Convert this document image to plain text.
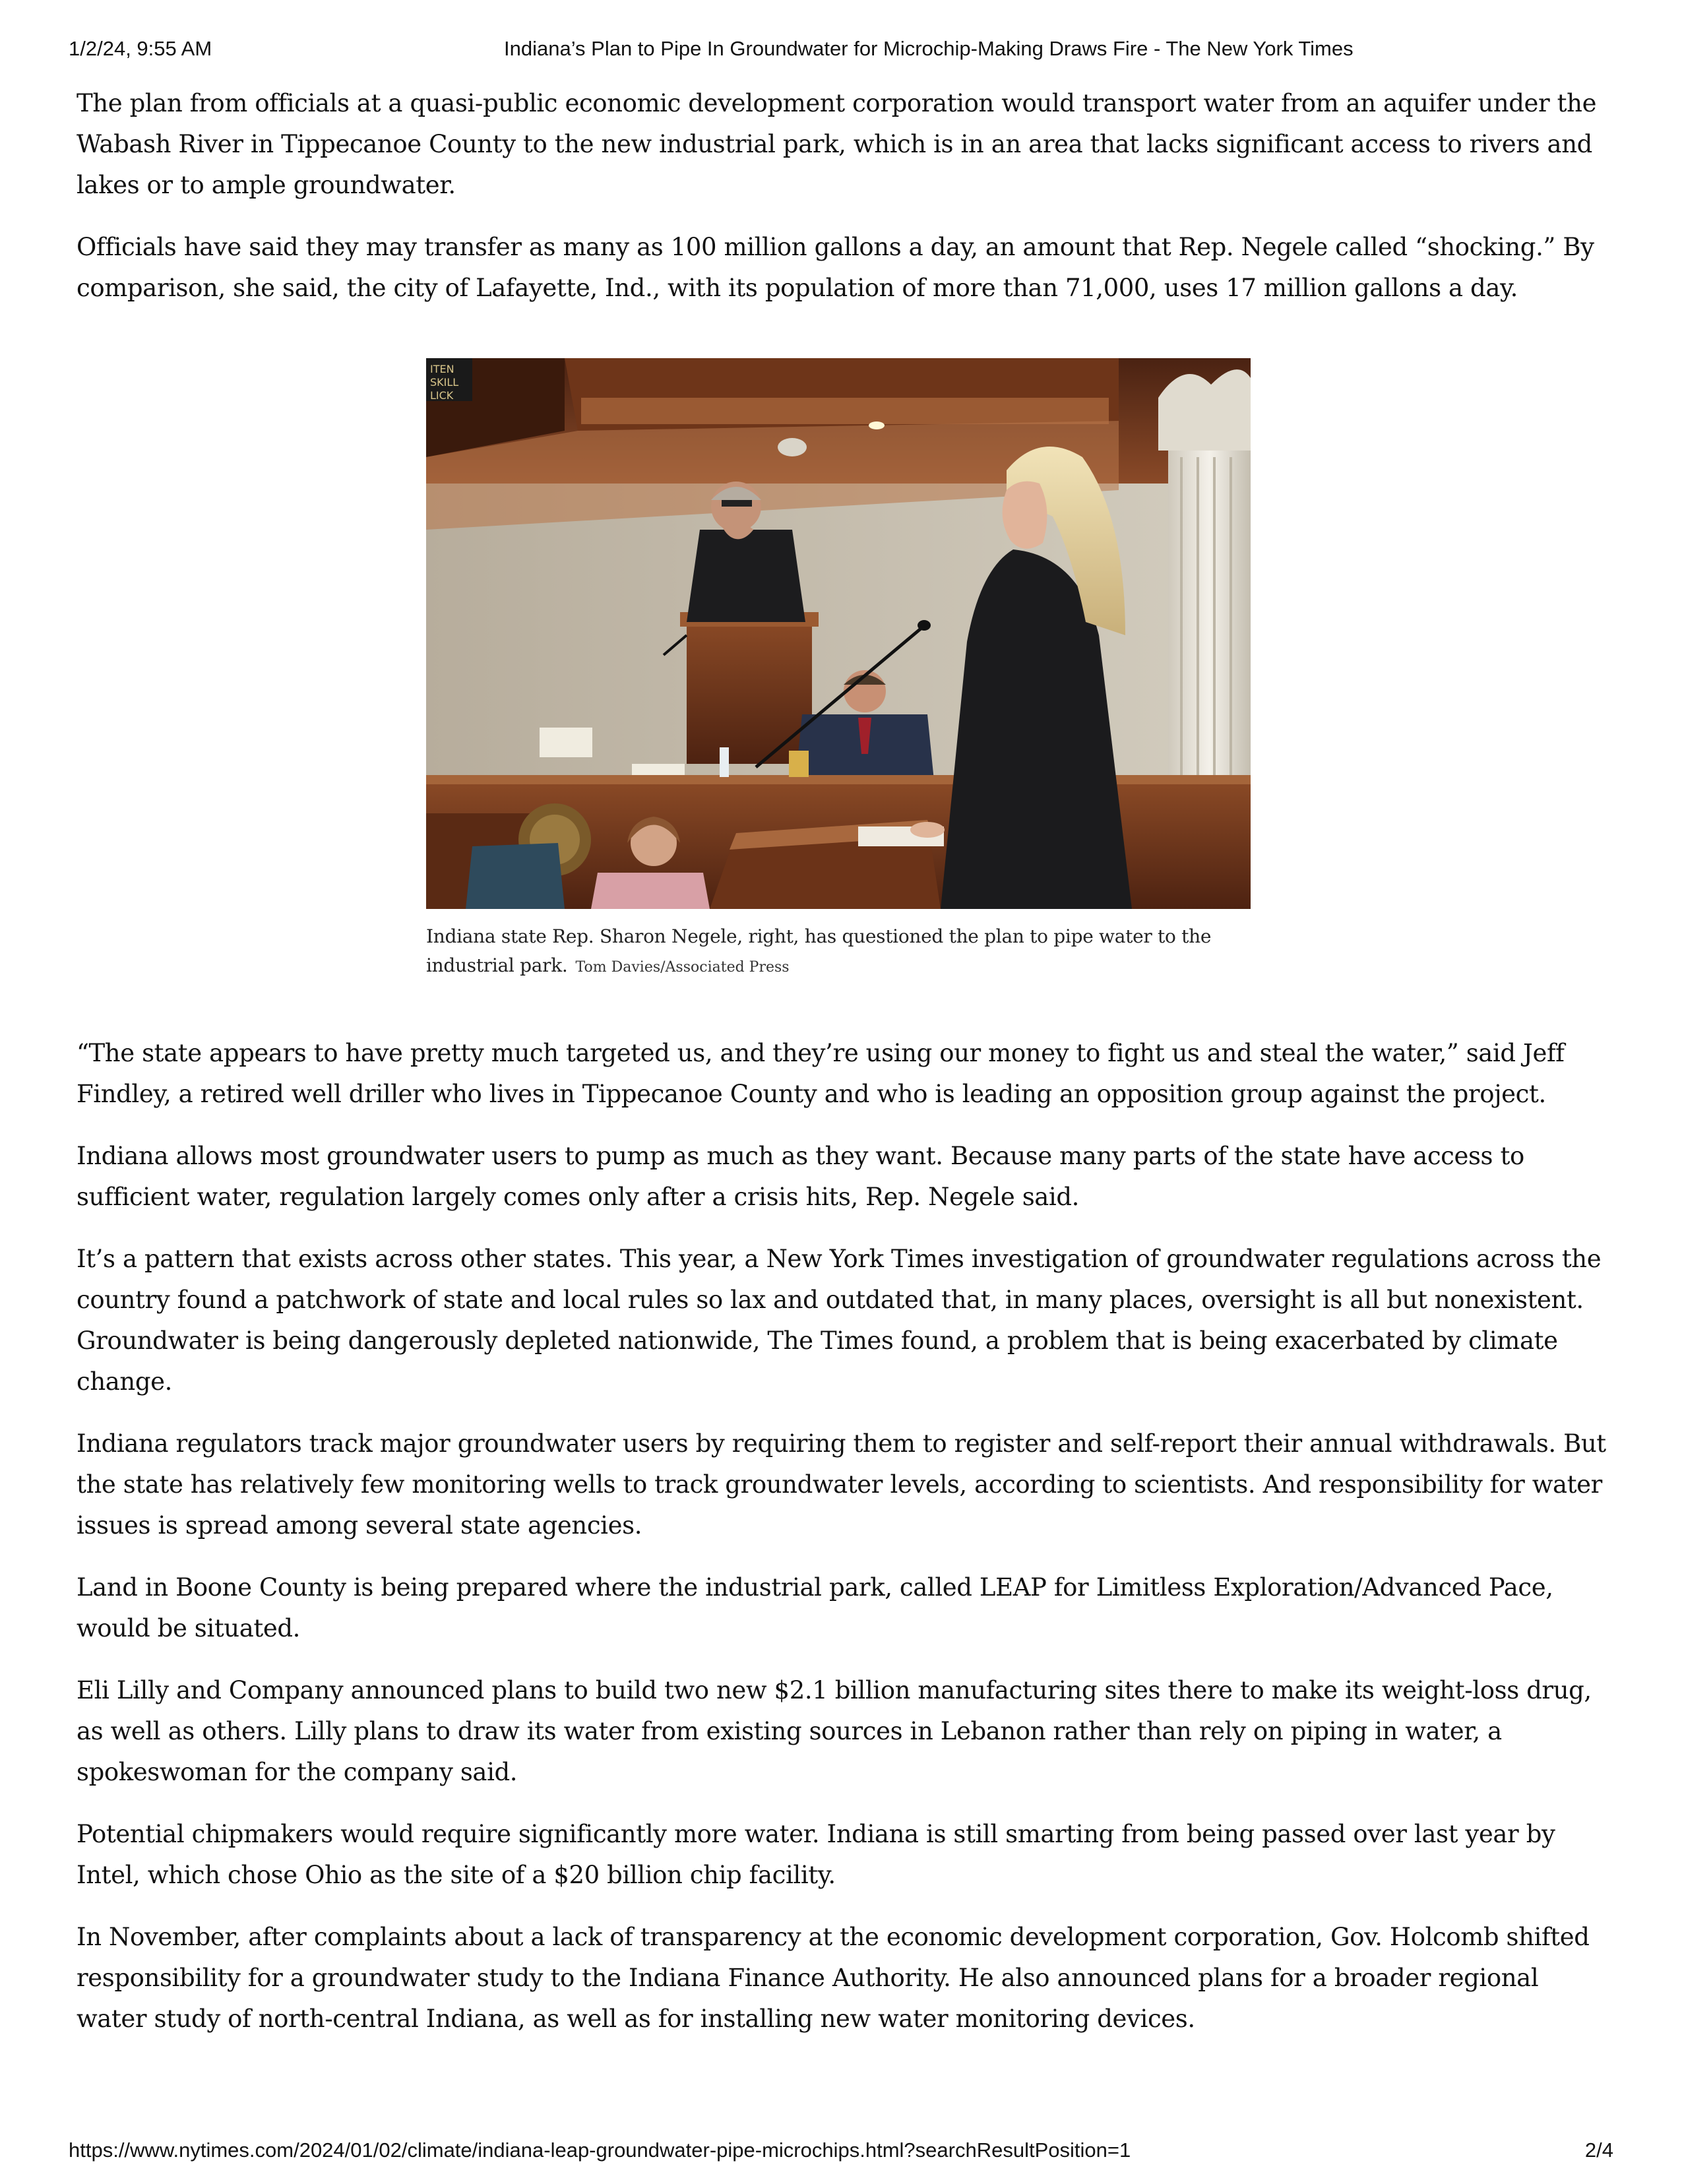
1/2/24, 9:55 AM	Indiana’s Plan to Pipe In Groundwater for Microchip-Making Draws Fire - The New York Times

The plan from officials at a quasi-public economic development corporation would transport water from an aquifer under the Wabash River in Tippecanoe County to the new industrial park, which is in an area that lacks significant access to rivers and lakes or to ample groundwater.

Officials have said they may transfer as many as 100 million gallons a day, an amount that Rep. Negele called “shocking.” By comparison, she said, the city of Lafayette, Ind., with its population of more than 71,000, uses 17 million gallons a day.

ITEN
SKILL
LICK
Indiana state Rep. Sharon Negele, right, has questioned the plan to pipe water to the industrial park. Tom Davies/Associated Press

“The state appears to have pretty much targeted us, and they’re using our money to fight us and steal the water,” said Jeff Findley, a retired well driller who lives in Tippecanoe County and who is leading an opposition group against the project.

Indiana allows most groundwater users to pump as much as they want. Because many parts of the state have access to sufficient water, regulation largely comes only after a crisis hits, Rep. Negele said.

It’s a pattern that exists across other states. This year, a New York Times investigation of groundwater regulations across the country found a patchwork of state and local rules so lax and outdated that, in many places, oversight is all but nonexistent. Groundwater is being dangerously depleted nationwide, The Times found, a problem that is being exacerbated by climate change.

Indiana regulators track major groundwater users by requiring them to register and self-report their annual withdrawals. But the state has relatively few monitoring wells to track groundwater levels, according to scientists. And responsibility for water issues is spread among several state agencies.

Land in Boone County is being prepared where the industrial park, called LEAP for Limitless Exploration/Advanced Pace, would be situated.

Eli Lilly and Company announced plans to build two new $2.1 billion manufacturing sites there to make its weight-loss drug, as well as others. Lilly plans to draw its water from existing sources in Lebanon rather than rely on piping in water, a spokeswoman for the company said.

Potential chipmakers would require significantly more water. Indiana is still smarting from being passed over last year by Intel, which chose Ohio as the site of a $20 billion chip facility.

In November, after complaints about a lack of transparency at the economic development corporation, Gov. Holcomb shifted responsibility for a groundwater study to the Indiana Finance Authority. He also announced plans for a broader regional water study of north-central Indiana, as well as for installing new water monitoring devices.

https://www.nytimes.com/2024/01/02/climate/indiana-leap-groundwater-pipe-microchips.html?searchResultPosition=1	2/4
